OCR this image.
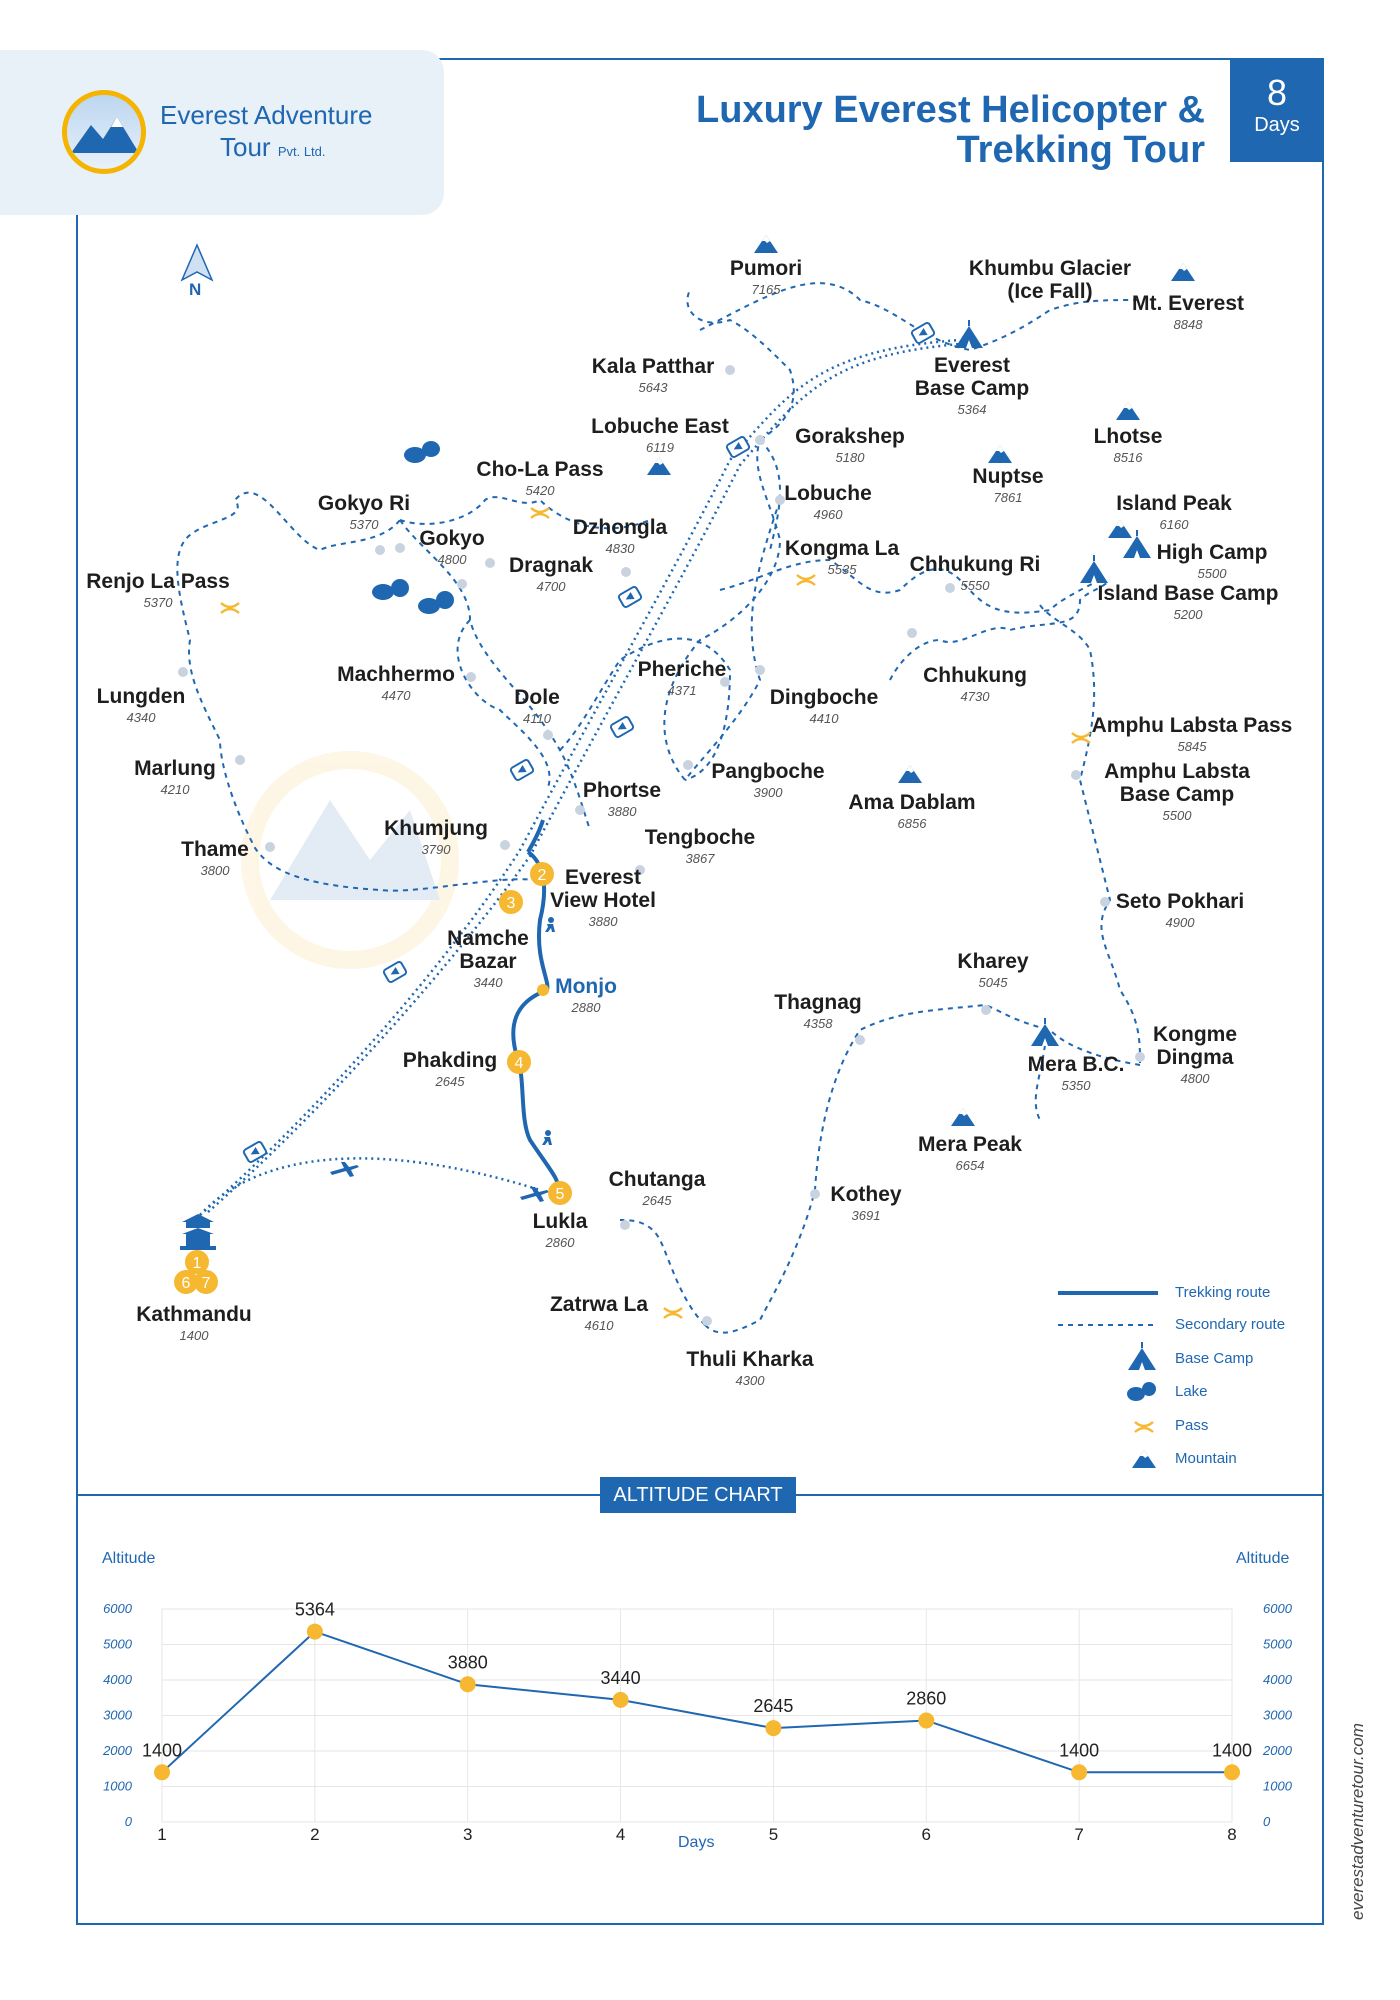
2
3
4
5
1
6 7
0	0
1000	1000
2000	2000
3000	3000
4000	4000
5000	5000
6000	6000
1	2	3	4	5	6	7	8
1400
5364
3880
3440
2645	2860
1400	1400
Everest Adventure
Tour Pvt. Ltd.
Luxury Everest Helicopter &
Trekking Tour
8
Days
N
Pumori
7165
Khumbu Glacier
(Ice Fall)
Mt. Everest
8848
Everest
Base Camp
5364
Kala Patthar
5643
Lobuche East
6119	Gorakshep
5180
Lhotse
8516
Cho-La Pass
5420	Lobuche
4960
Nuptse
7861
Gokyo Ri
5370
Island Peak
6160
Dzhongla
4830
Gokyo
4800	High Camp
5500
Dragnak
4700
Kongma La
5535	Chhukung Ri
5550
Renjo La Pass
5370	Island Base Camp
5200
Pheriche
4371
Machhermo
4470
Chhukung
4730
Lungden
4340
Dole
4110
Dingboche
4410	Amphu Labsta Pass
5845
Marlung
4210
Pangboche
3900
Amphu Labsta
Base Camp
5500
Phortse
3880	Ama Dablam
6856
Khumjung
3790
Tengboche
3867
Thame
3800	Everest
View Hotel
3880
Seto Pokhari
4900
Namche
Bazar
3440
Kharey
5045
Monjo
2880	Thagnag
4358	Kongme
Dingma
4800
Mera B.C.
5350
Phakding
2645
Mera Peak
6654
Chutanga
2645	Kothey
3691
Lukla
2860
Kathmandu
1400
Zatrwa La
4610
Thuli Kharka
4300
Trekking route
Secondary route
Base Camp
Lake
Pass
Mountain
ALTITUDE CHART
Altitude	Altitude
Days	everestadventuretour.com
